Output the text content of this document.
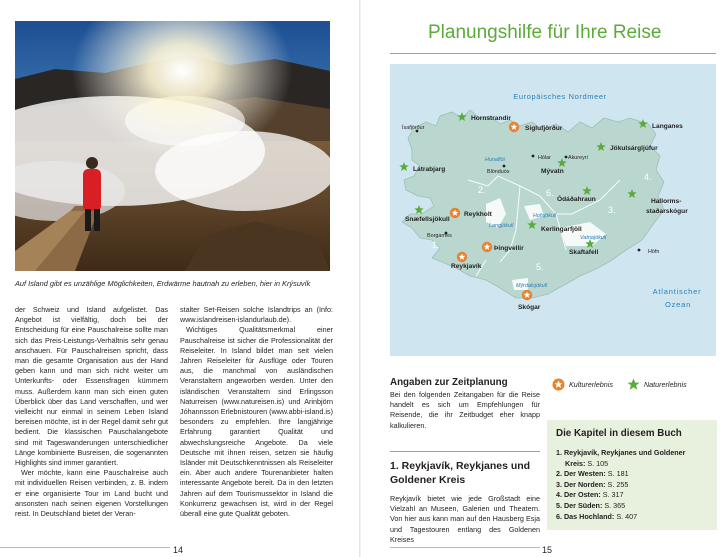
Auf Island gibt es unzählige Möglichkeiten, Erdwärme hautnah zu erleben, hier in Krýsuvík

der Schweiz und Island aufgelistet. Das Angebot ist vielfältig, doch bei der Entscheidung für eine Pauschalreise sollte man sich das Preis-Leistungs-Verhältnis sehr genau anschauen. Für Pauschalreisen spricht, dass man die gesamte Organisation aus der Hand geben kann und man sich nicht weiter um Unterkunfts- oder Essensfragen kümmern muss. Außerdem kann man sich einen guten Überblick über das Land verschaffen, und wer vielleicht nur einmal in seinem Leben Island bereisen möchte, ist in der Regel damit sehr gut bedient. Die klassischen Pauschalangebote sind mit Tageswanderungen unterschiedlicher Länge kombinierte Busreisen, die sogenannten Highlights sind immer garantiert.

Wer möchte, kann eine Pauschalreise auch mit individuellen Reisen verbinden, z. B. indem er eine organisierte Tour im Land bucht und ansonsten nach seinen eigenen Vorstellungen reist. In Deutschland bietet der Veran-

stalter Set-Reisen solche Islandtrips an (Info: www.islandreisen-islandurlaub.de).

Wichtiges Qualitätsmerkmal einer Pauschalreise ist sicher die Professionalität der Reiseleiter. In Island bildet man seit vielen Jahren Reiseleiter für Ausflüge oder Touren aus, die manchmal von ausländischen Veranstaltern angeworben werden. Unter den isländischen Veranstaltern sind Erlingsson Naturreisen (www.natureisen.is) und Arinbjörn Jóhannsson Erlebnistouren (www.abbi-island.is) besonders zu empfehlen. Ihre langjährige Erfahrung garantiert Qualität und abwechslungsreiche Angebote. Da viele Deutsche mit ihnen reisen, setzen sie häufig Isländer mit Deutschkenntnissen als Reiseleiter ein. Aber auch andere Tourenanbieter halten interessante Angebote bereit. Da in den letzten Jahren auf dem Tourismussektor in Island die Konkurrenz gewachsen ist, wird in der Regel überall eine gute Qualität geboten.

14
Planungshilfe für Ihre Reise
Europäisches Nordmeer
Atlantischer
Ozean
Siglufjörður
Reykholt
Þingvellir
Reykjavík
Skógar
Hornstrandir
Langanes
Jökulsárgljúfur
Látrabjarg	Mývatn
Ódáðahraun	Hallorms-
staðarskógur
Snæfellsjökull
Kerlingarfjöll
Skaftafell
Ísafjörður
Hólar	Akureyri
Blönduós
Borgarnes
Höfn
Hofsjökull
Langjökull
Vatnajökull
Mýrdalsjökull
Hunaflói
1.
2.
3.
4.
5.
6.
Angaben zur Zeitplanung
Bei den folgenden Zeitangaben für die Reise handelt es sich um Empfehlungen für Reisende, die ihr Zeitbudget eher knapp kalkulieren.
Kulturerlebnis	Naturerlebnis
1. Reykjavík, Reykjanes und Goldener Kreis
Reykjavík bietet wie jede Großstadt eine Vielzahl an Museen, Galerien und Theatern. Von hier aus kann man auf den Hausberg Esja und Tagestouren entlang des Goldenen Kreises
Die Kapitel in diesem Buch
1. Reykjavík, Reykjanes und Goldener
Kreis: S. 105
2. Der Westen: S. 181
3. Der Norden: S. 255
4. Der Osten: S. 317
5. Der Süden: S. 365
6. Das Hochland: S. 407
15
